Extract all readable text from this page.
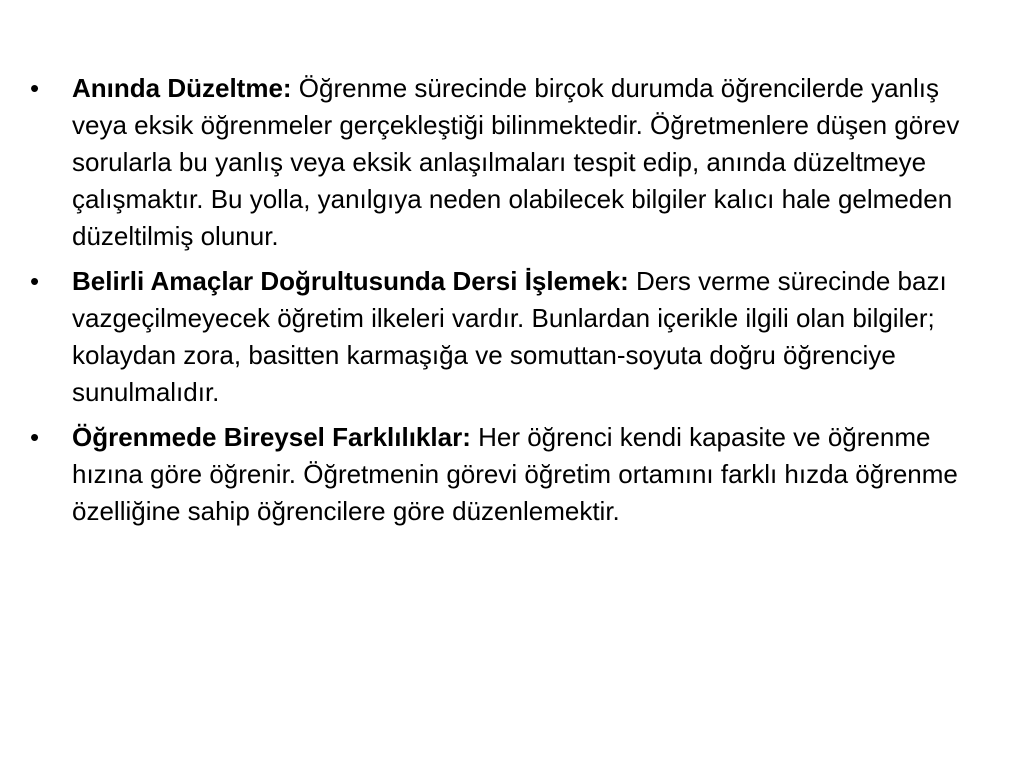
•	Anında Düzeltme: Öğrenme sürecinde birçok durumda öğrencilerde yanlış veya eksik öğrenmeler gerçekleştiği bilinmektedir. Öğretmenlere düşen görev sorularla bu yanlış veya eksik anlaşılmaları tespit edip, anında düzeltmeye çalışmaktır. Bu yolla, yanılgıya neden olabilecek bilgiler kalıcı hale gelmeden düzeltilmiş olunur.
•	Belirli Amaçlar Doğrultusunda Dersi İşlemek: Ders verme sürecinde bazı vazgeçilmeyecek öğretim ilkeleri vardır. Bunlardan içerikle ilgili olan bilgiler; kolaydan zora, basitten karmaşığa ve somuttan-soyuta doğru öğrenciye sunulmalıdır.
•	Öğrenmede Bireysel Farklılıklar: Her öğrenci kendi kapasite ve öğrenme hızına göre öğrenir. Öğretmenin görevi öğretim ortamını farklı hızda öğrenme özelliğine sahip öğrencilere göre düzenlemektir.
